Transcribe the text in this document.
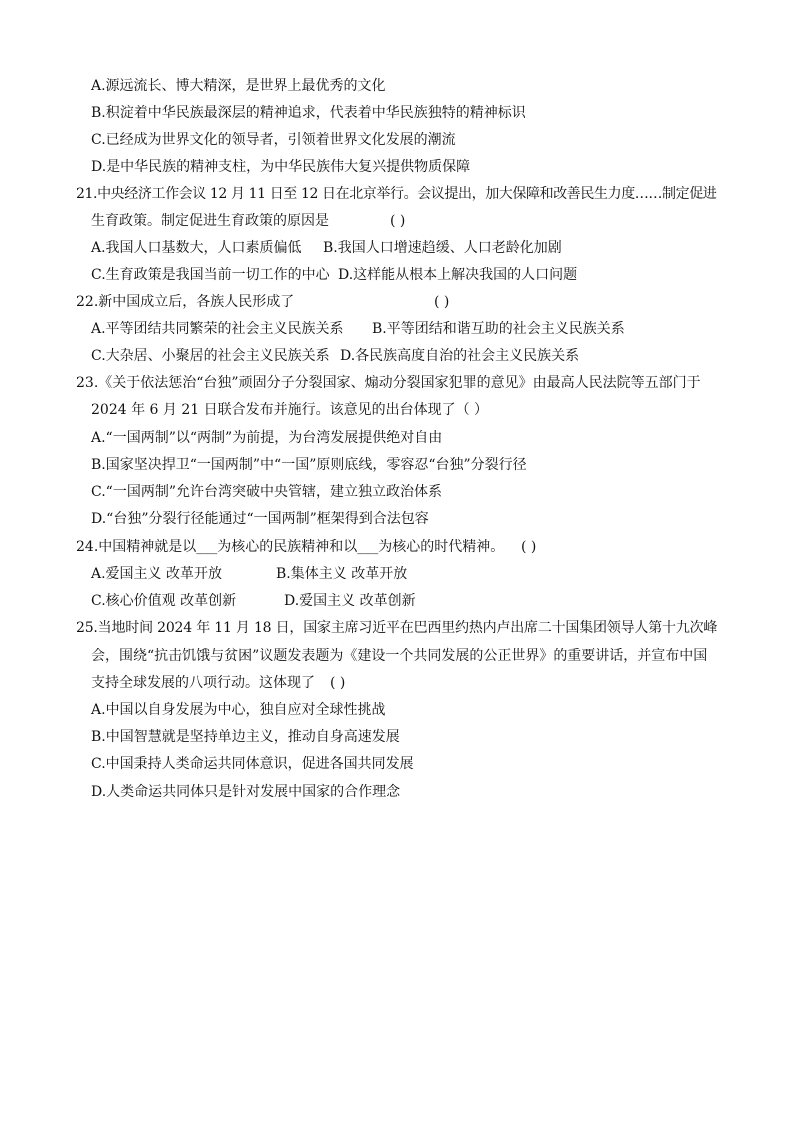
A.源远流长、博大精深，是世界上最优秀的文化
B.积淀着中华民族最深层的精神追求，代表着中华民族独特的精神标识
C.已经成为世界文化的领导者，引领着世界文化发展的潮流
D.是中华民族的精神支柱，为中华民族伟大复兴提供物质保障
21.中央经济工作会议 12 月 11 日至 12 日在北京举行。会议提出，加大保障和改善民生力度……制定促进
生育政策。制定促进生育政策的原因是	( )
A.我国人口基数大，人口素质偏低 B.我国人口增速趋缓、人口老龄化加剧
C.生育政策是我国当前一切工作的中心 D.这样能从根本上解决我国的人口问题
22.新中国成立后，各族人民形成了	( )
A.平等团结共同繁荣的社会主义民族关系 B.平等团结和谐互助的社会主义民族关系
C.大杂居、小聚居的社会主义民族关系 D.各民族高度自治的社会主义民族关系
23.《关于依法惩治“台独”顽固分子分裂国家、煽动分裂国家犯罪的意见》由最高人民法院等五部门于
2024 年 6 月 21 日联合发布并施行。该意见的出台体现了（ ）
A.“一国两制”以“两制”为前提，为台湾发展提供绝对自由
B.国家坚决捍卫“一国两制”中“一国”原则底线，零容忍“台独”分裂行径
C.“一国两制”允许台湾突破中央管辖，建立独立政治体系
D.“台独”分裂行径能通过“一国两制”框架得到合法包容
24.中国精神就是以___为核心的民族精神和以___为核心的时代精神。 ( )
A.爱国主义 改革开放	B.集体主义 改革开放
C.核心价值观 改革创新	D.爱国主义 改革创新
25.当地时间 2024 年 11 月 18 日，国家主席习近平在巴西里约热内卢出席二十国集团领导人第十九次峰
会，围绕“抗击饥饿与贫困”议题发表题为《建设一个共同发展的公正世界》的重要讲话，并宣布中国
支持全球发展的八项行动。这体现了 ( )
A.中国以自身发展为中心，独自应对全球性挑战
B.中国智慧就是坚持单边主义，推动自身高速发展
C.中国秉持人类命运共同体意识，促进各国共同发展
D.人类命运共同体只是针对发展中国家的合作理念
